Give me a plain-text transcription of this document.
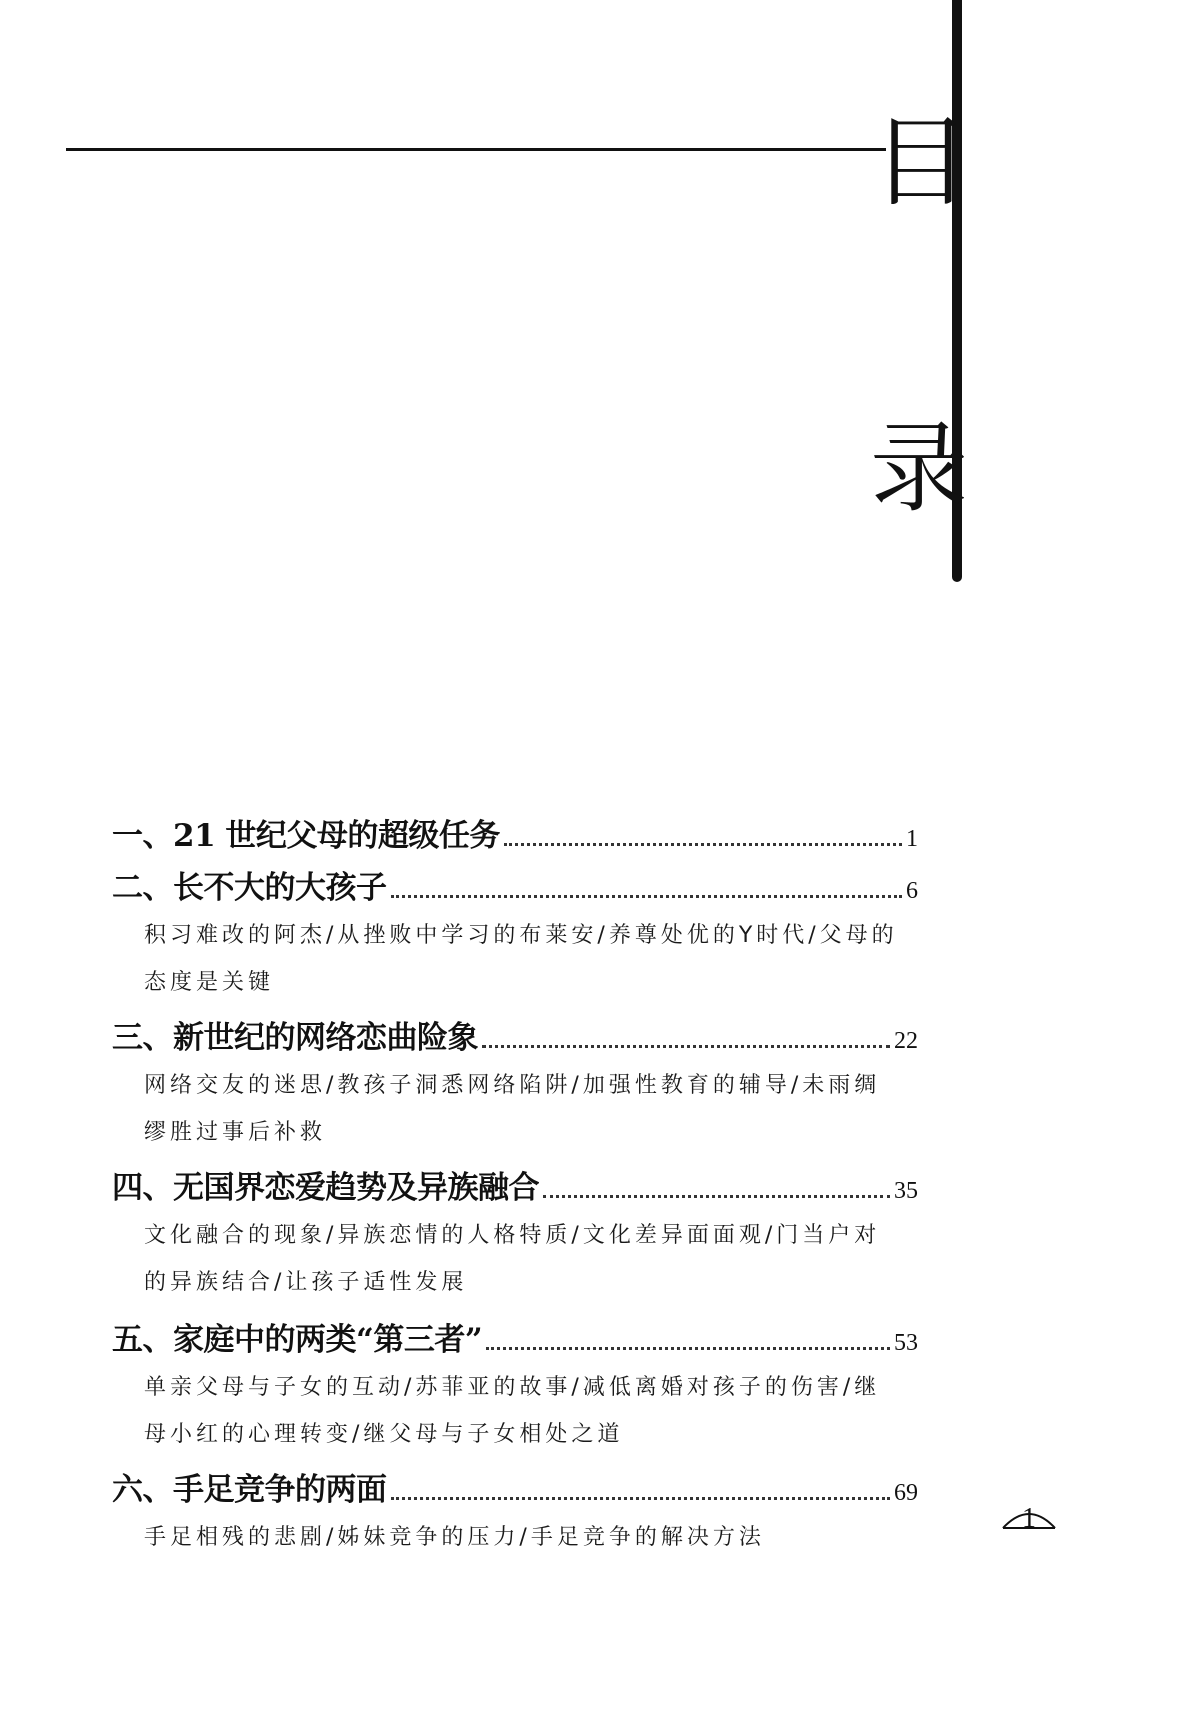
目
录
一、21 世纪父母的超级任务	1
二、长不大的大孩子	6
积习难改的阿杰/从挫败中学习的布莱安/养尊处优的Y时代/父母的态度是关键
三、新世纪的网络恋曲险象	22
网络交友的迷思/教孩子洞悉网络陷阱/加强性教育的辅导/未雨绸缪胜过事后补救
四、无国界恋爱趋势及异族融合	35
文化融合的现象/异族恋情的人格特质/文化差异面面观/门当户对的异族结合/让孩子适性发展
五、家庭中的两类“第三者”	53
单亲父母与子女的互动/苏菲亚的故事/减低离婚对孩子的伤害/继母小红的心理转变/继父母与子女相处之道
六、手足竞争的两面	69
手足相残的悲剧/姊妹竞争的压力/手足竞争的解决方法
1
